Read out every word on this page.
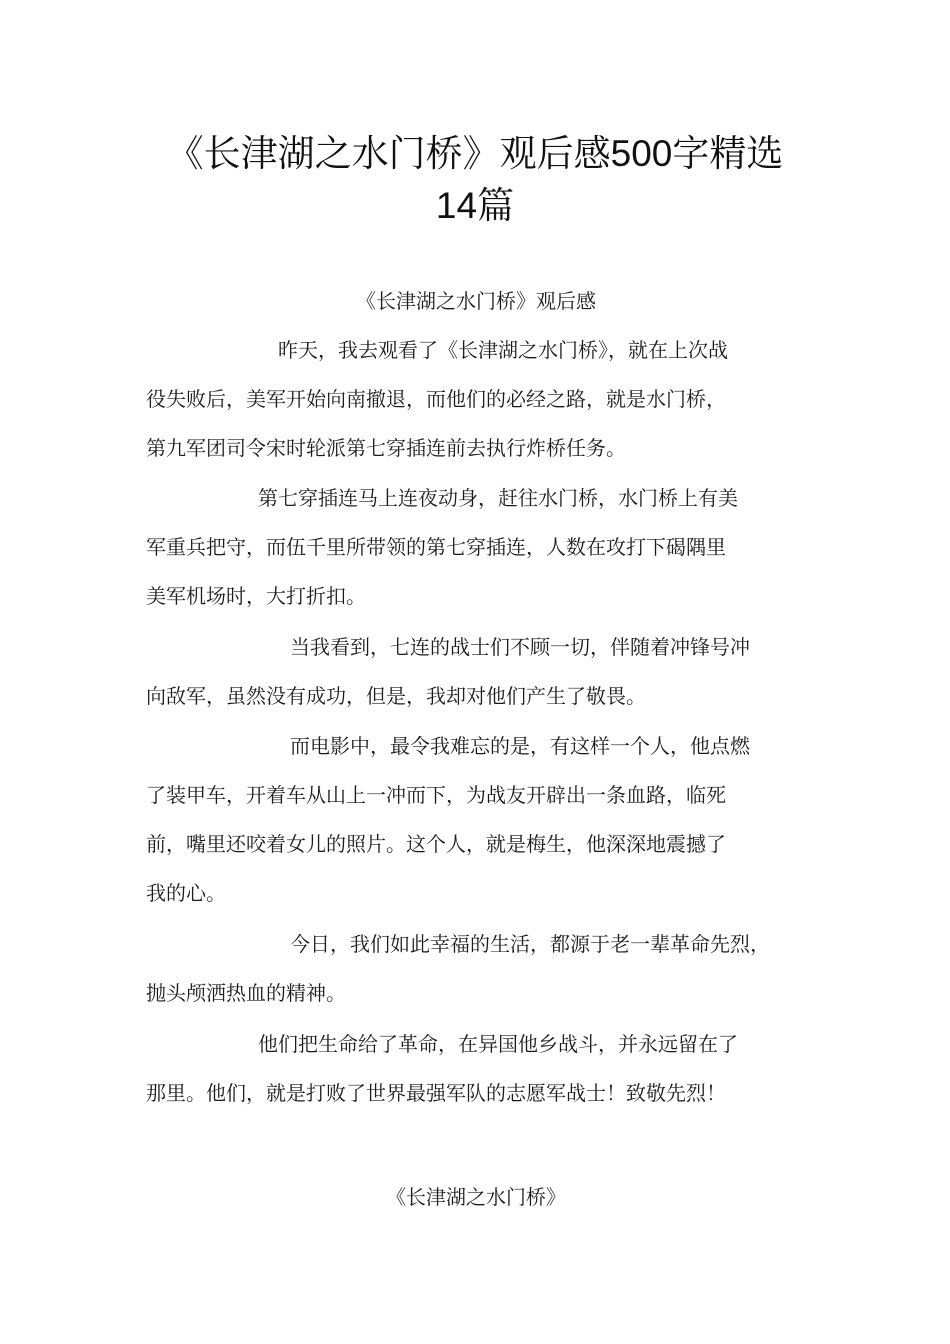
《长津湖之水门桥》观后感500字精选
14篇

《长津湖之水门桥》观后感

昨天，我去观看了《长津湖之水门桥》，就在上次战
役失败后，美军开始向南撤退，而他们的必经之路，就是水门桥，
第九军团司令宋时轮派第七穿插连前去执行炸桥任务。
第七穿插连马上连夜动身，赶往水门桥，水门桥上有美
军重兵把守，而伍千里所带领的第七穿插连，人数在攻打下碣隅里
美军机场时，大打折扣。
当我看到，七连的战士们不顾一切，伴随着冲锋号冲
向敌军，虽然没有成功，但是，我却对他们产生了敬畏。
而电影中，最令我难忘的是，有这样一个人，他点燃
了装甲车，开着车从山上一冲而下，为战友开辟出一条血路，临死
前，嘴里还咬着女儿的照片。这个人，就是梅生，他深深地震撼了
我的心。
今日，我们如此幸福的生活，都源于老一辈革命先烈，
抛头颅洒热血的精神。
他们把生命给了革命，在异国他乡战斗，并永远留在了
那里。他们，就是打败了世界最强军队的志愿军战士！致敬先烈！

《长津湖之水门桥》
